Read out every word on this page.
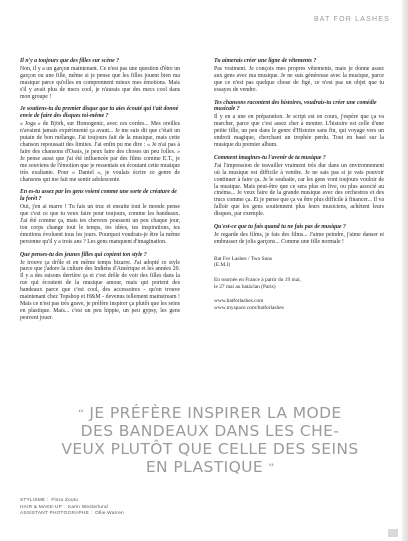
BAT FOR LASHES

Il n'y a toujours que des filles sur scène ?

Non, il y a un garçon maintenant. Ce n'est pas une question d'être un garçon ou une fille, même si je pense que les filles jouent bien ma musique parce qu'elles en comprennent mieux mes émotions. Mais s'il y avait plus de mecs cool, je n'aurais que des mecs cool dans mon groupe !

Je soutiens-tu du premier disque que tu aies écouté qui t'ait donné envie de faire des disques toi-même ?

« Joga » de Björk, sur Homogenic, avec ces cordes... Mes oreilles n'avaient jamais expérimenté ça avant... Je me suis dit que c'était un putain de bon mélange. J'ai toujours fait de la musique, mais cette chanson repoussait des limites. J'ai enfin pu me dire : « Je n'ai pas à faire des chansons d'Oasis, je peux faire des choses un peu folles. » Je pense aussi que j'ai été influencée par des films comme E.T., je me souviens de l'émotion que je ressentais en écoutant cette musique très exaltante. Pour « Daniel », je voulais écrire ce genre de chansons qui me fait me sentir adolescente.

En es-tu assez par les gens voient comme une sorte de créature de la forêt ?

Oui, j'en ai marre ! Tu fais un truc et ensuite tout le monde pense que c'est ce que tu veux faire pour toujours, comme les bandeaux. J'ai été comme ça, mais tes cheveux poussent un peu chaque jour, ton corps change tout le temps, tes idées, tes inspirations, tes émotions évoluent tous les jours. Pourquoi voudrais-je être la même personne qu'il y a trois ans ? Les gens manquent d'imagination.

Que penses-tu des jeunes filles qui copient ton style ?

Je trouve ça drôle et en même temps bizarre. J'ai adopté ce style parce que j'adore la culture des Indiens d'Amérique et les années 20. Il y a des raisons derrière ça et c'est drôle de voir des filles dans la rue qui écoutent de la musique amour, mais qui portent des bandeaux parce que c'est cool, des accessoires - qu'on trouve maintenant chez Topshop et H&M - devenus tellement mainstream ! Mais ce n'est pas très grave, je préfère inspirer ça plutôt que les seins en plastique. Mais... c'est un peu hippie, un peu gypsy, les gens peuvent jouer.

Tu aimerais créer une ligne de vêtements ?

Pas vraiment. Je conçois mes propres vêtements, mais je donne assez aux gens avec ma musique. Je ne suis généreuse avec la musique, parce que ce n'est pas quelque chose de figé, ce n'est pas un objet que tu essayes de vendre.

Tes chansons racontent des histoires, voudrais-tu créer une comédie musicale ?

Il y en a une en préparation. Je script est en cours, j'espère que ça va marcher, parce que c'est assez cher à monter. L'histoire est celle d'une petite fille, un peu dans le genre d'Histoire sans fin, qui voyage vers un endroit magique, cherchant un trophée perdu. Tout en basé sur la musique du premier album.

Comment imagines-tu l'avenir de ta musique ?

J'ai l'impression de travailler vraiment très dur dans un environnement où la musique est difficile à vendre. Je ne sais pas si je vais pouvoir continuer à faire ça. Je le souhaite, car les gens vont toujours vouloir de la musique. Mais peut-être que ce sera plus en live, ou plus associé au cinéma... Je veux faire de la grande musique avec des orchestres et des trucs comme ça. Et je pense que ça va être plus difficile à financer... Il va falloir que les gens soutiennent plus leurs musiciens, achètent leurs disques, par exemple.

Qu'est-ce que tu fais quand tu ne fais pas de musique ?

Je regarde des films, je fais des films... J'aime peindre, j'aime danser et embrasser de jolis garçons... Comme une fille normale !

Bat For Lashes / Two Suns
(E.M.I)
En tournée en France à partir du 19 mai,
le 27 mai au batáclan (Paris)
www.batforlashes.com
www.myspace.com/batforlashes
“ JE PRÉFÈRE INSPIRER LA MODE
DES BANDEAUX DANS LES CHE-
VEUX PLUTÔT QUE CELLE DES SEINS
EN PLASTIQUE ”
STYLISME : Flora Zoutu
HAIR & MAKE-UP : Karin Westerlund
ASSISTANT PHOTOGRAPHE : Ollie Warren
